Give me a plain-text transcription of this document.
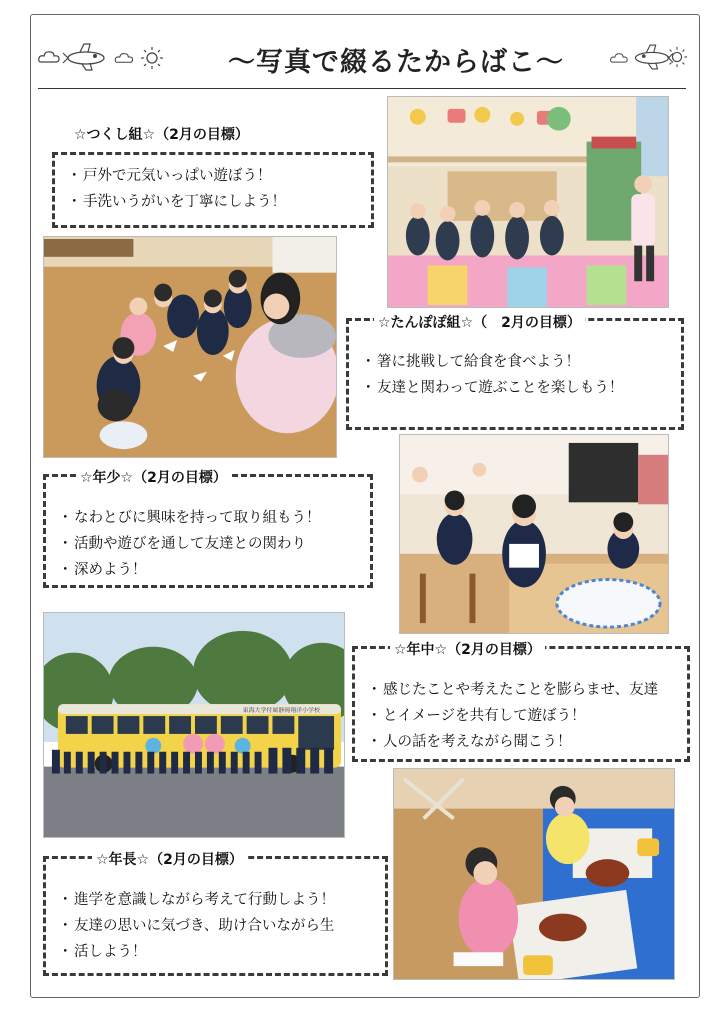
～写真で綴るたからばこ～
☆つくし組☆（2月の目標）
・ 戸外で元気いっぱい遊ぼう！
・ 手洗いうがいを丁寧にしよう！
・ 箸に挑戦して給食を食べよう！
・ 友達と関わって遊ぶことを楽しもう！
☆たんぽぽ組☆（　2月の目標）
・ なわとびに興味を持って取り組もう！
・ 活動や遊びを通して友達との関わり
・ 深めよう！
☆年少☆（2月の目標）
東海大学付属静岡翔洋小学校
・ 感じたことや考えたことを膨らませ、友達
・ とイメージを共有して遊ぼう！
・ 人の話を考えながら聞こう！
☆年中☆（2月の目標）
・ 進学を意識しながら考えて行動しよう！
・ 友達の思いに気づき、助け合いながら生
・ 活しよう！
☆年長☆（2月の目標）
